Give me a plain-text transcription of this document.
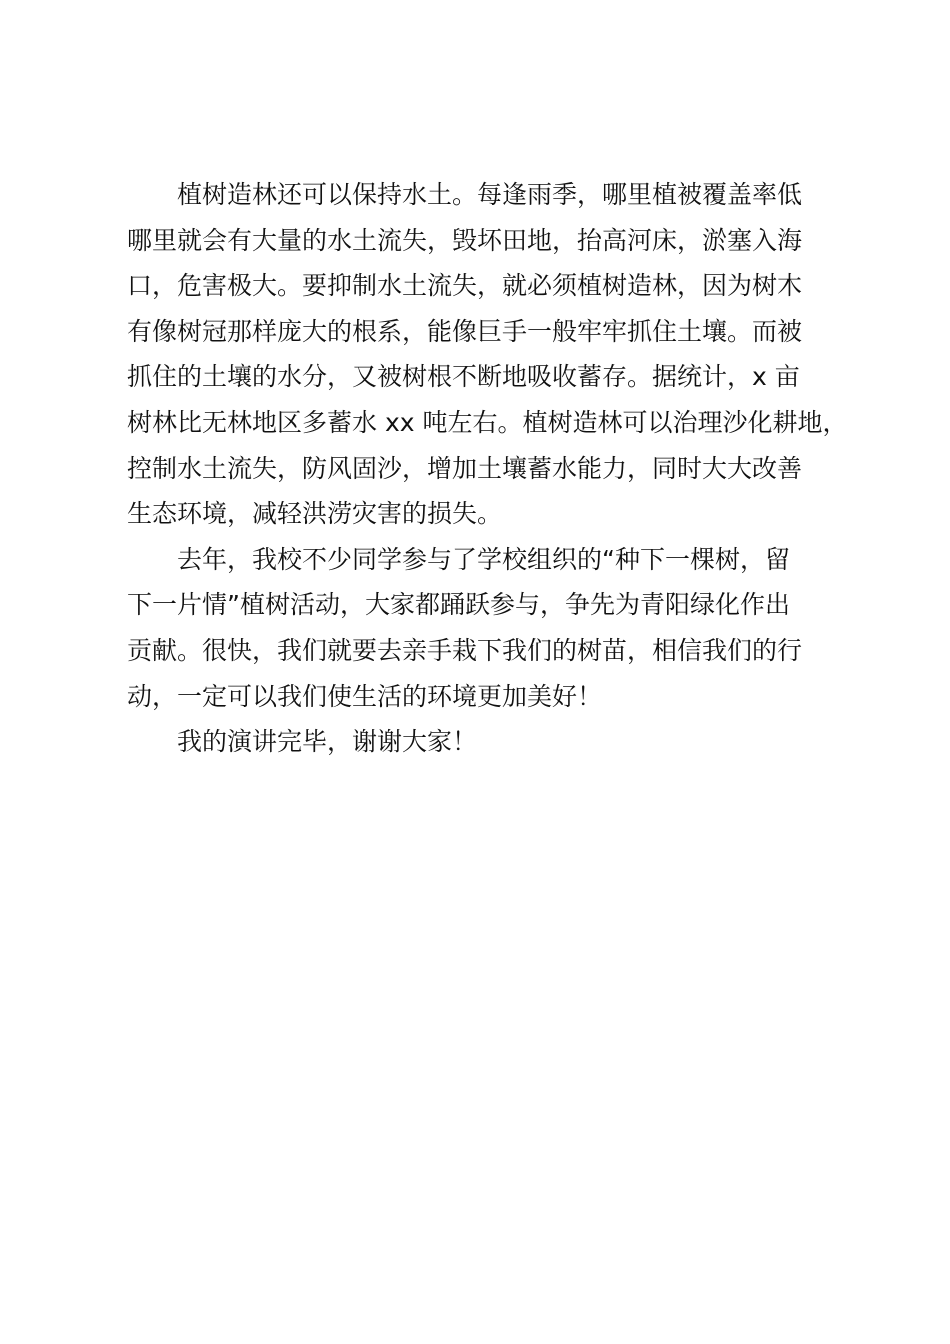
植树造林还可以保持水土。每逢雨季，哪里植被覆盖率低
哪里就会有大量的水土流失，毁坏田地，抬高河床，淤塞入海
口，危害极大。要抑制水土流失，就必须植树造林，因为树木
有像树冠那样庞大的根系，能像巨手一般牢牢抓住土壤。而被
抓住的土壤的水分，又被树根不断地吸收蓄存。据统计，x 亩
树林比无林地区多蓄水 xx 吨左右。植树造林可以治理沙化耕地，
控制水土流失，防风固沙，增加土壤蓄水能力，同时大大改善
生态环境，减轻洪涝灾害的损失。

去年，我校不少同学参与了学校组织的“种下一棵树，留
下一片情”植树活动，大家都踊跃参与，争先为青阳绿化作出
贡献。很快，我们就要去亲手栽下我们的树苗，相信我们的行
动，一定可以我们使生活的环境更加美好！

我的演讲完毕，谢谢大家！
